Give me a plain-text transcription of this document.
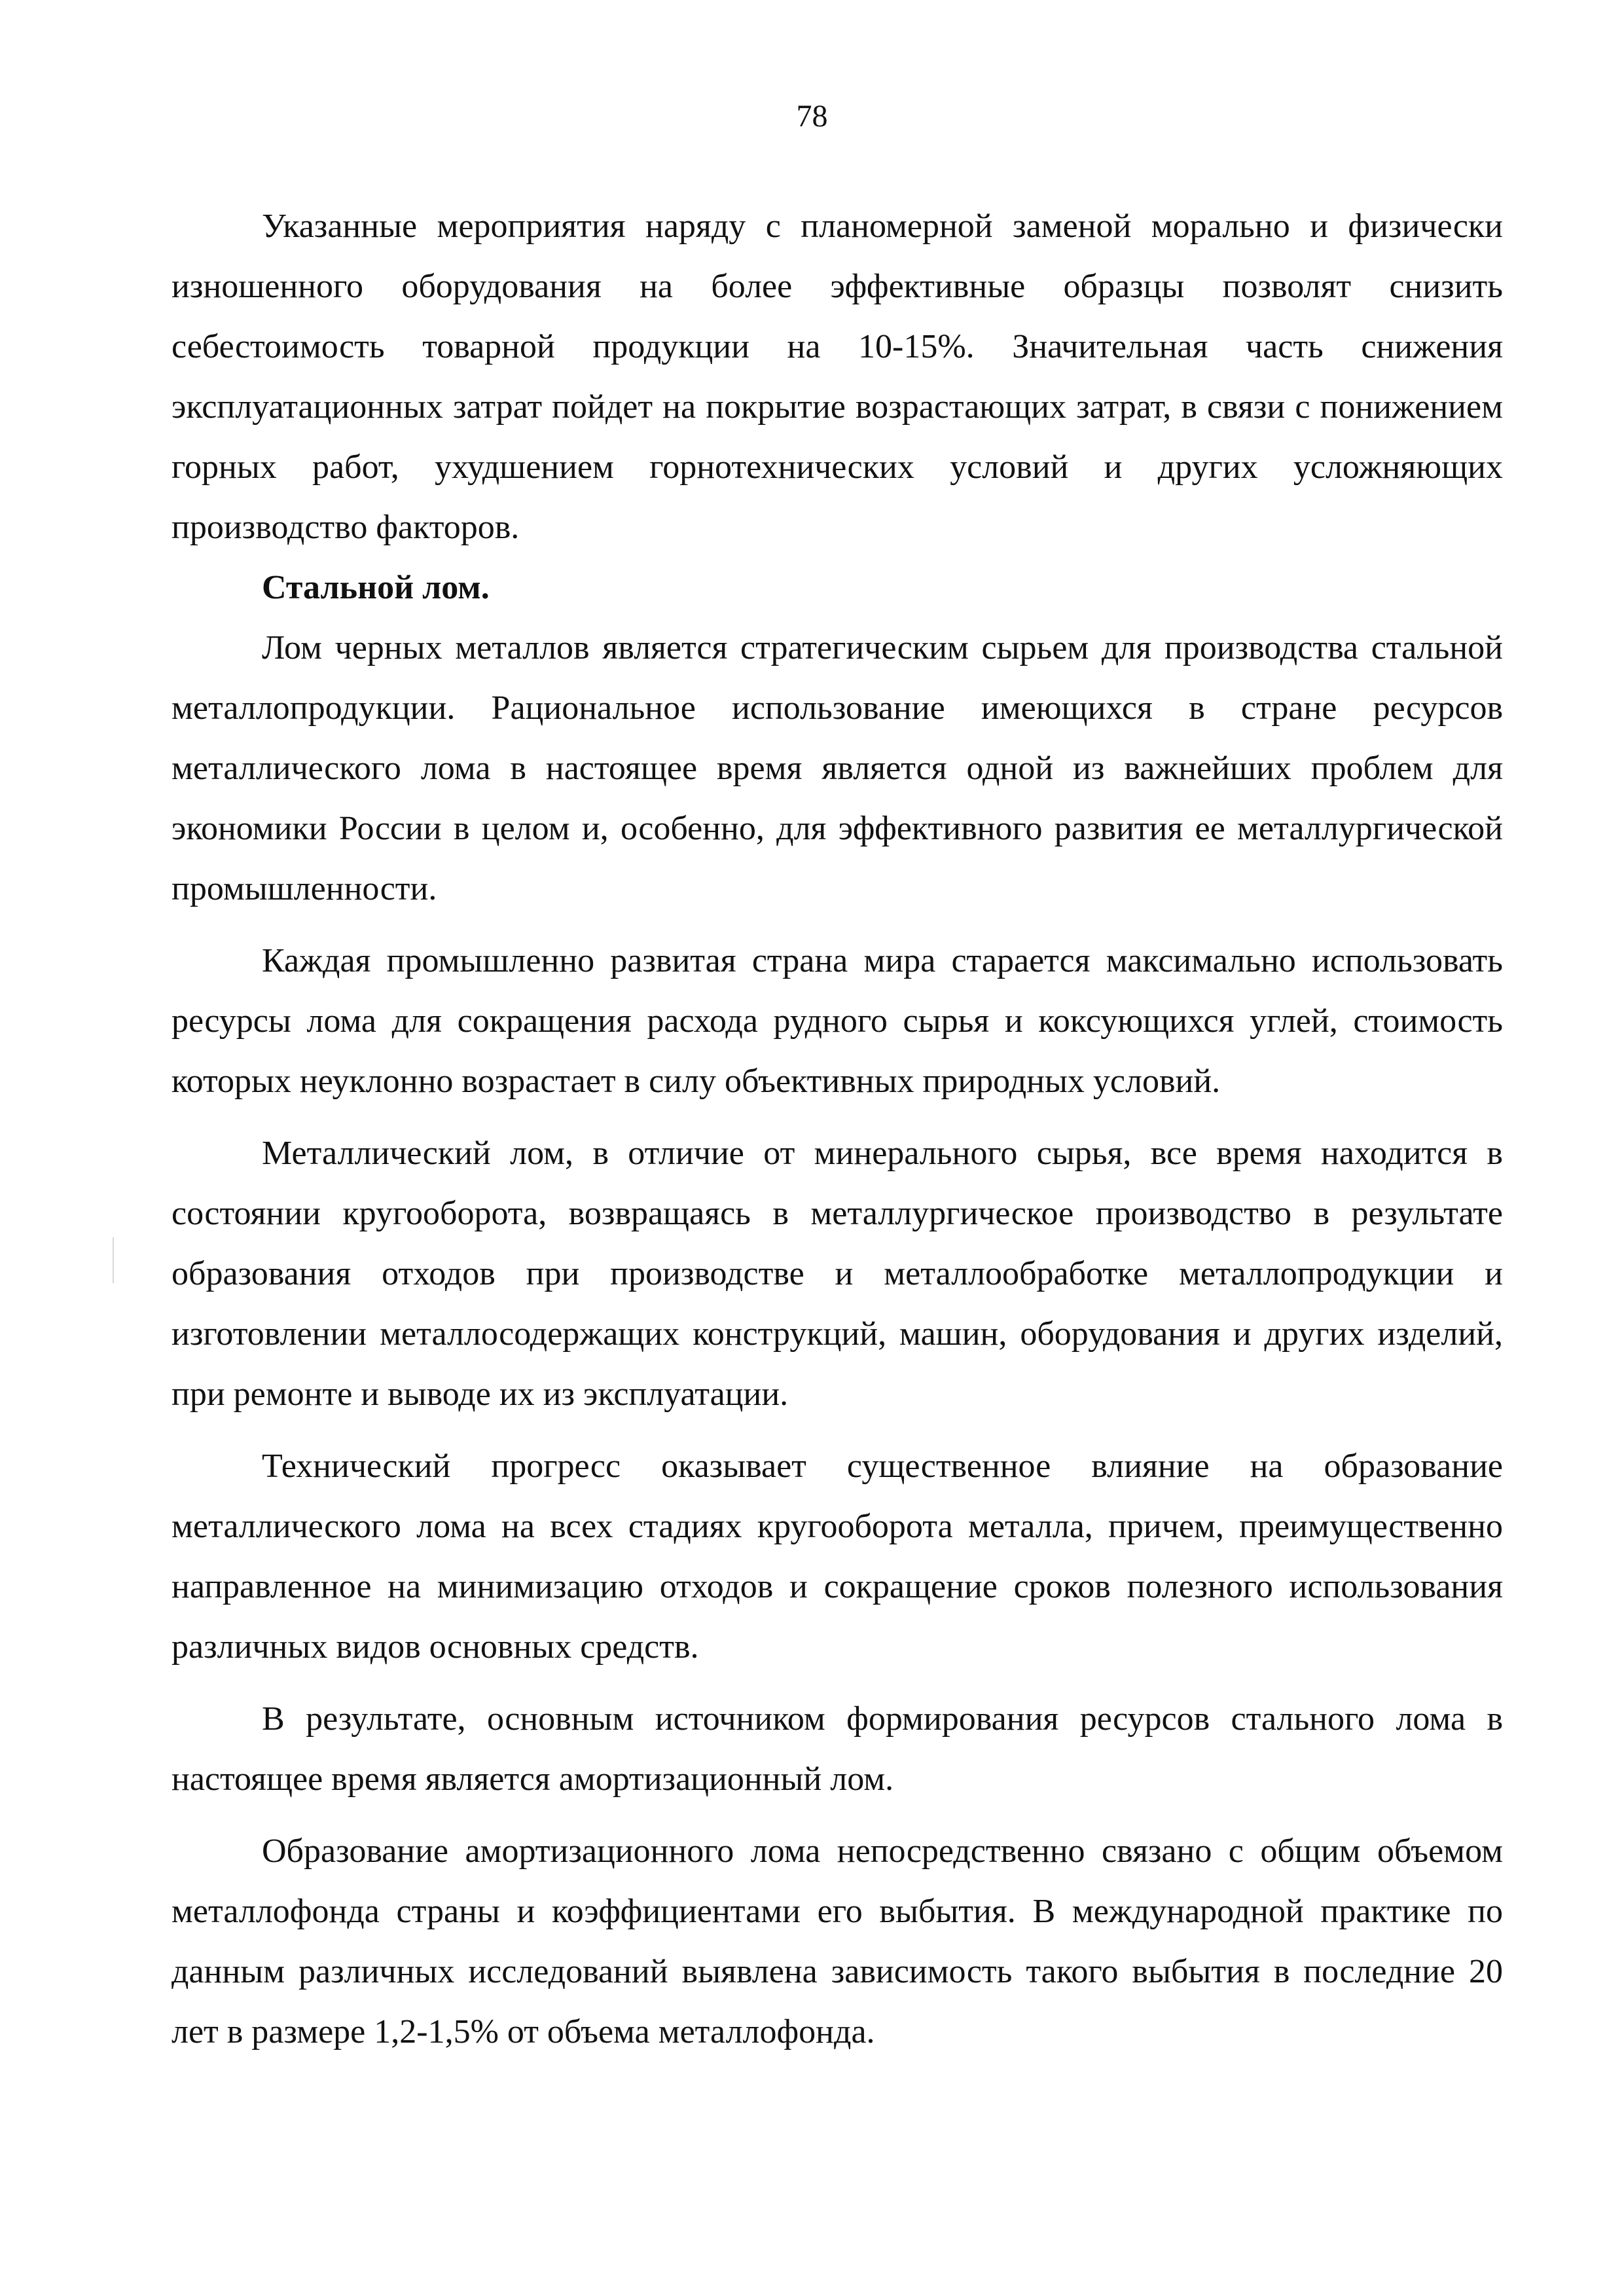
78

Указанные мероприятия наряду с планомерной заменой морально и физически изношенного оборудования на более эффективные образцы позволят снизить себестоимость товарной продукции на 10-15%. Значительная часть снижения эксплуатационных затрат пойдет на покрытие возрастающих затрат, в связи с понижением горных работ, ухудшением горнотехнических условий и других усложняющих производство факторов.

Стальной лом.

Лом черных металлов является стратегическим сырьем для производства стальной металлопродукции. Рациональное использование имеющихся в стране ресурсов металлического лома в настоящее время является одной из важнейших проблем для экономики России в целом и, особенно, для эффективного развития ее металлургической промышленности.

Каждая промышленно развитая страна мира старается максимально использовать ресурсы лома для сокращения расхода рудного сырья и коксующихся углей, стоимость которых неуклонно возрастает в силу объективных природных условий.

Металлический лом, в отличие от минерального сырья, все время находится в состоянии кругооборота, возвращаясь в металлургическое производство в результате образования отходов при производстве и металлообработке металлопродукции и изготовлении металлосодержащих конструкций, машин, оборудования и других изделий, при ремонте и выводе их из эксплуатации.

Технический прогресс оказывает существенное влияние на образование металлического лома на всех стадиях кругооборота металла, причем, преимущественно направленное на минимизацию отходов и сокращение сроков полезного использования различных видов основных средств.

В результате, основным источником формирования ресурсов стального лома в настоящее время является амортизационный лом.

Образование амортизационного лома непосредственно связано с общим объемом металлофонда страны и коэффициентами его выбытия. В международной практике по данным различных исследований выявлена зависимость такого выбытия в последние 20 лет в размере 1,2-1,5% от объема металлофонда.
